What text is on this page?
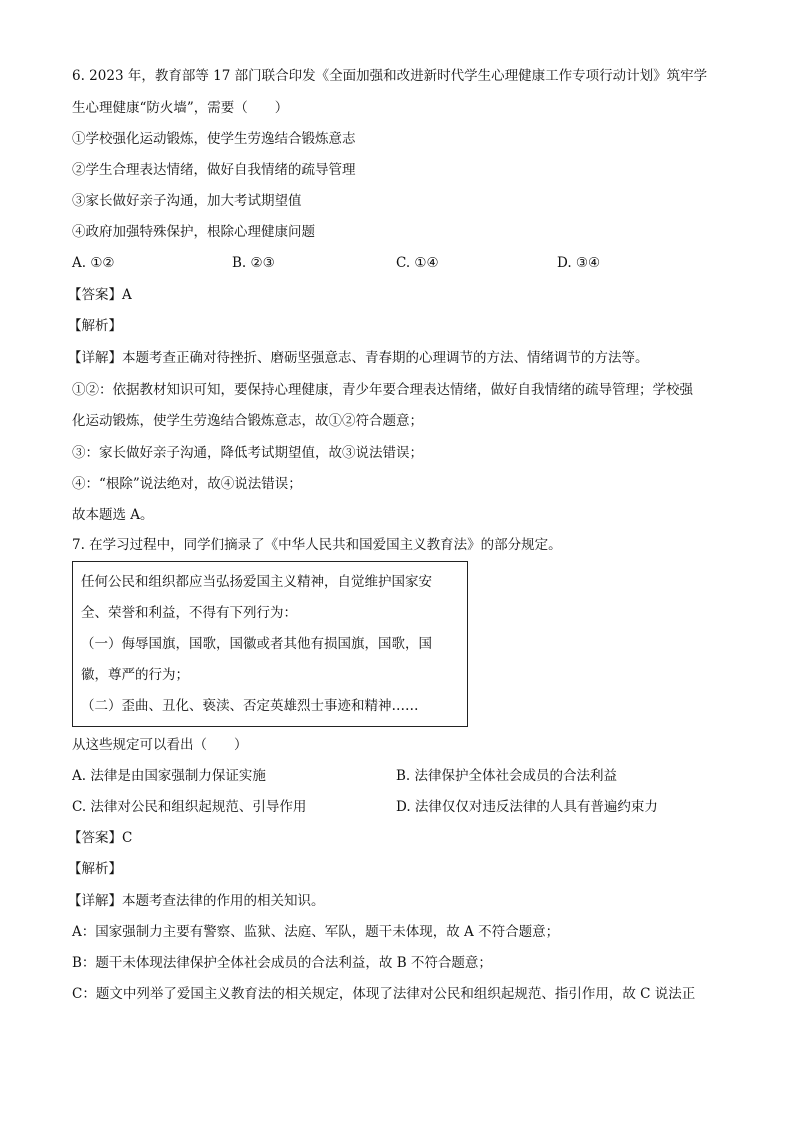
6. 2023 年，教育部等 17 部门联合印发《全面加强和改进新时代学生心理健康工作专项行动计划》筑牢学
生心理健康“防火墙”，需要（　　）
①学校强化运动锻炼，使学生劳逸结合锻炼意志
②学生合理表达情绪，做好自我情绪的疏导管理
③家长做好亲子沟通，加大考试期望值
④政府加强特殊保护，根除心理健康问题
A. ①②	B. ②③	C. ①④	D. ③④
【答案】A
【解析】
【详解】本题考查正确对待挫折、磨砺坚强意志、青春期的心理调节的方法、情绪调节的方法等。
①②：依据教材知识可知，要保持心理健康，青少年要合理表达情绪，做好自我情绪的疏导管理；学校强
化运动锻炼，使学生劳逸结合锻炼意志，故①②符合题意；
③：家长做好亲子沟通，降低考试期望值，故③说法错误；
④：“根除”说法绝对，故④说法错误；
故本题选 A。
7. 在学习过程中，同学们摘录了《中华人民共和国爱国主义教育法》的部分规定。
任何公民和组织都应当弘扬爱国主义精神，自觉维护国家安
全、荣誉和利益，不得有下列行为：
（一）侮辱国旗，国歌，国徽或者其他有损国旗，国歌，国
徽，尊严的行为；
（二）歪曲、丑化、亵渎、否定英雄烈士事迹和精神……
从这些规定可以看出（　　）
A. 法律是由国家强制力保证实施	B. 法律保护全体社会成员的合法利益
C. 法律对公民和组织起规范、引导作用	D. 法律仅仅对违反法律的人具有普遍约束力
【答案】C
【解析】
【详解】本题考查法律的作用的相关知识。
A：国家强制力主要有警察、监狱、法庭、军队，题干未体现，故 A 不符合题意；
B：题干未体现法律保护全体社会成员的合法利益，故 B 不符合题意；
C：题文中列举了爱国主义教育法的相关规定，体现了法律对公民和组织起规范、指引作用，故 C 说法正
